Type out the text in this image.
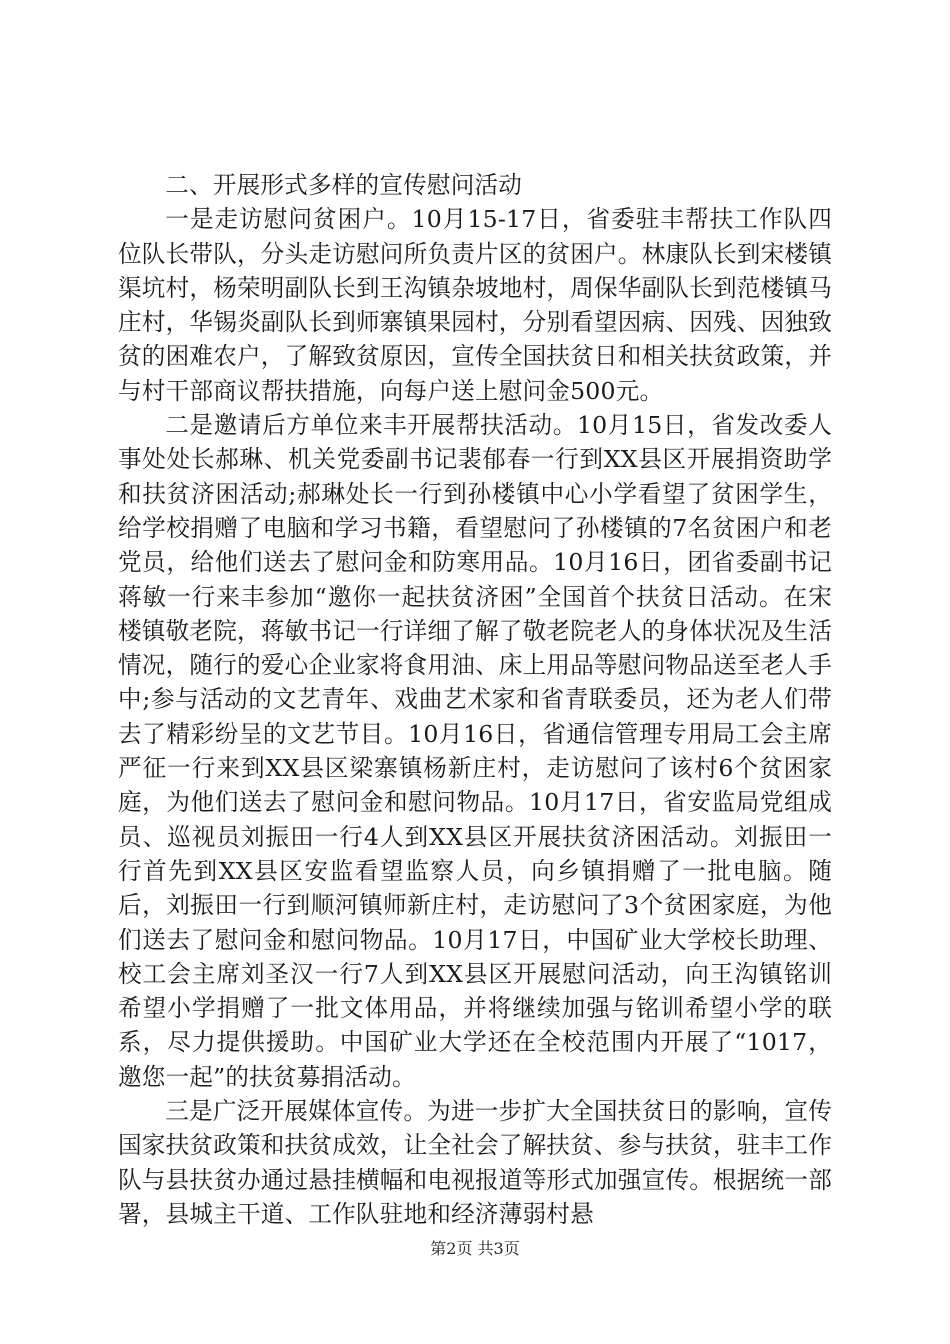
二、开展形式多样的宣传慰问活动

一是走访慰问贫困户。10月15-17日，省委驻丰帮扶工作队四位队长带队，分头走访慰问所负责片区的贫困户。林康队长到宋楼镇渠坑村，杨荣明副队长到王沟镇杂坡地村，周保华副队长到范楼镇马庄村，华锡炎副队长到师寨镇果园村，分别看望因病、因残、因独致贫的困难农户，了解致贫原因，宣传全国扶贫日和相关扶贫政策，并与村干部商议帮扶措施，向每户送上慰问金500元。

二是邀请后方单位来丰开展帮扶活动。10月15日，省发改委人事处处长郝琳、机关党委副书记裴郁春一行到XX县区开展捐资助学和扶贫济困活动;郝琳处长一行到孙楼镇中心小学看望了贫困学生，给学校捐赠了电脑和学习书籍，看望慰问了孙楼镇的7名贫困户和老党员，给他们送去了慰问金和防寒用品。10月16日，团省委副书记蒋敏一行来丰参加“邀你一起扶贫济困”全国首个扶贫日活动。在宋楼镇敬老院，蒋敏书记一行详细了解了敬老院老人的身体状况及生活情况，随行的爱心企业家将食用油、床上用品等慰问物品送至老人手中;参与活动的文艺青年、戏曲艺术家和省青联委员，还为老人们带去了精彩纷呈的文艺节目。10月16日，省通信管理专用局工会主席严征一行来到XX县区梁寨镇杨新庄村，走访慰问了该村6个贫困家庭，为他们送去了慰问金和慰问物品。10月17日，省安监局党组成员、巡视员刘振田一行4人到XX县区开展扶贫济困活动。刘振田一行首先到XX县区安监看望监察人员，向乡镇捐赠了一批电脑。随后，刘振田一行到顺河镇师新庄村，走访慰问了3个贫困家庭，为他们送去了慰问金和慰问物品。10月17日，中国矿业大学校长助理、校工会主席刘圣汉一行7人到XX县区开展慰问活动，向王沟镇铭训希望小学捐赠了一批文体用品，并将继续加强与铭训希望小学的联系，尽力提供援助。中国矿业大学还在全校范围内开展了“1017，邀您一起”的扶贫募捐活动。

三是广泛开展媒体宣传。为进一步扩大全国扶贫日的影响，宣传国家扶贫政策和扶贫成效，让全社会了解扶贫、参与扶贫，驻丰工作队与县扶贫办通过悬挂横幅和电视报道等形式加强宣传。根据统一部署，县城主干道、工作队驻地和经济薄弱村悬

第2页 共3页
